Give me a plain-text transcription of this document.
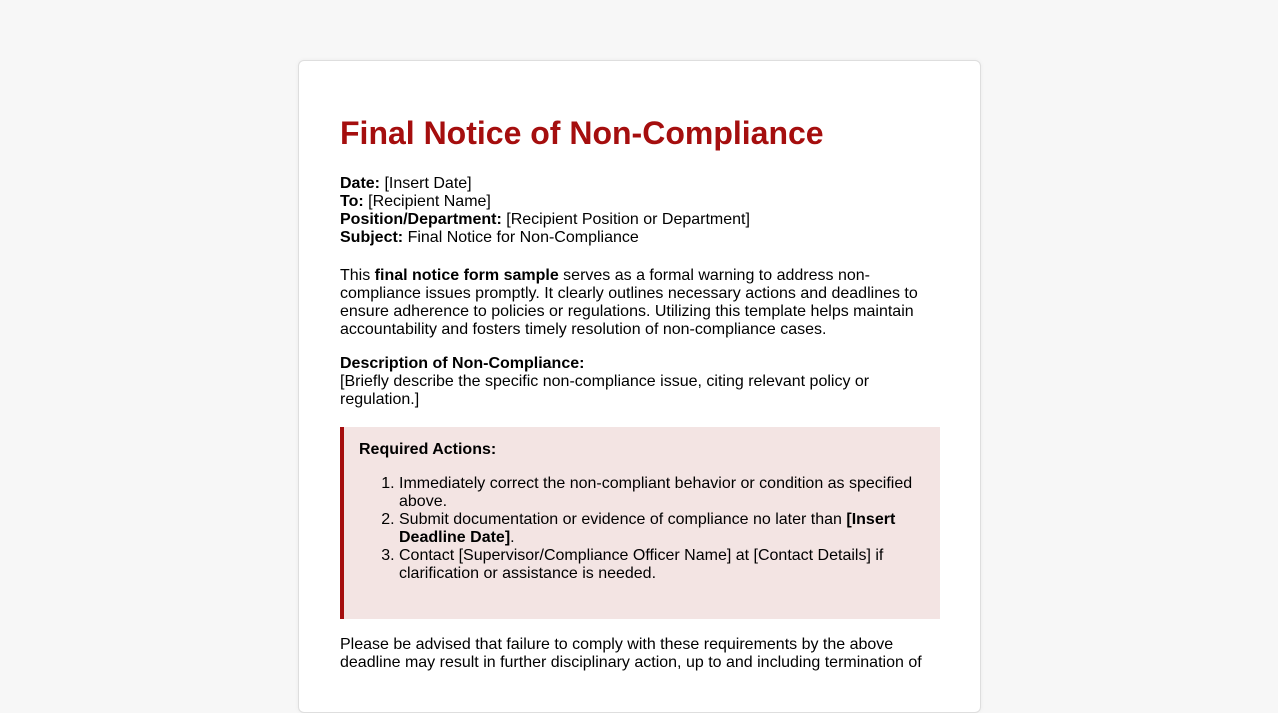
Final Notice of Non-Compliance
Date: [Insert Date]
To: [Recipient Name]
Position/Department: [Recipient Position or Department]
Subject: Final Notice for Non-Compliance

This final notice form sample serves as a formal warning to address non-compliance issues promptly. It clearly outlines necessary actions and deadlines to ensure adherence to policies or regulations. Utilizing this template helps maintain accountability and fosters timely resolution of non-compliance cases.

Description of Non-Compliance:

[Briefly describe the specific non-compliance issue, citing relevant policy or regulation.]

Required Actions:

1. Immediately correct the non-compliant behavior or condition as specified above.
2. Submit documentation or evidence of compliance no later than [Insert Deadline Date].
3. Contact [Supervisor/Compliance Officer Name] at [Contact Details] if clarification or assistance is needed.

Please be advised that failure to comply with these requirements by the above deadline may result in further disciplinary action, up to and including termination of
